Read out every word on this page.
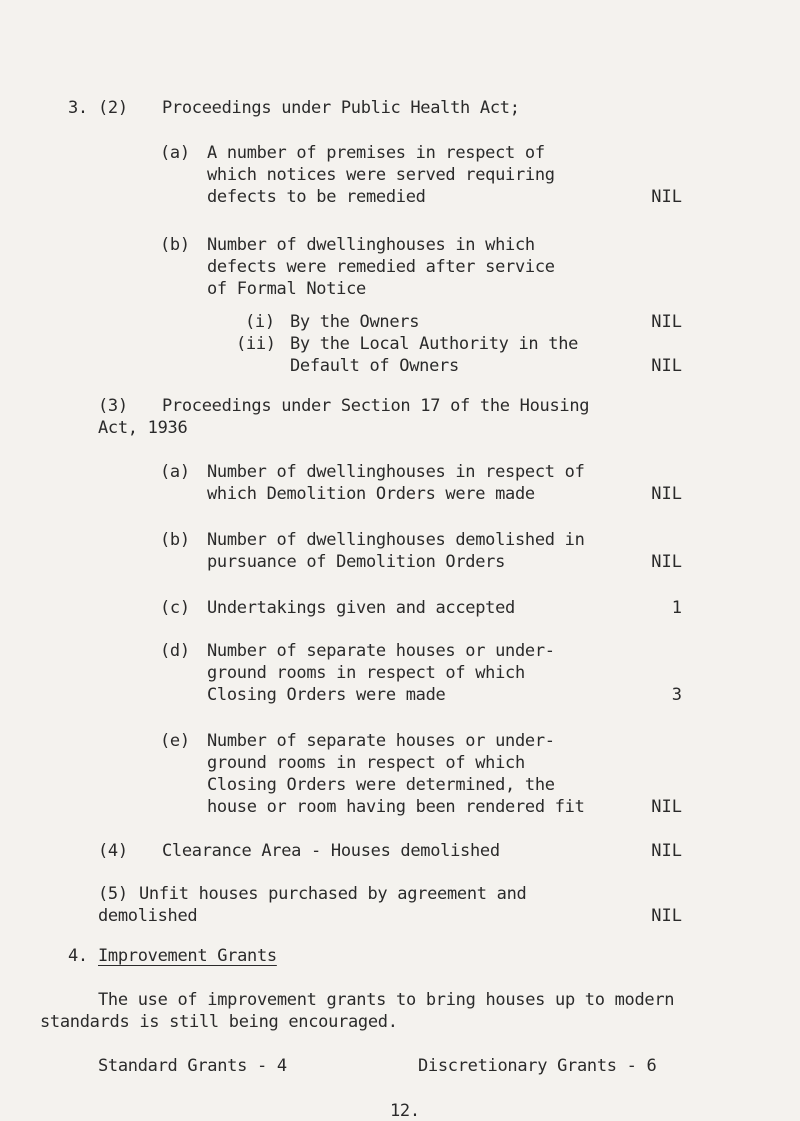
3. (2) Proceedings under Public Health Act;
(a) A number of premises in respect of
which notices were served requiring
defects to be remedied	NIL
(b) Number of dwellinghouses in which
defects were remedied after service
of Formal Notice
(i) By the Owners	NIL
(ii) By the Local Authority in the
Default of Owners	NIL
(3) Proceedings under Section 17 of the Housing
Act, 1936
(a) Number of dwellinghouses in respect of
which Demolition Orders were made	NIL
(b) Number of dwellinghouses demolished in
pursuance of Demolition Orders	NIL
(c) Undertakings given and accepted	1
(d) Number of separate houses or under-
ground rooms in respect of which
Closing Orders were made	3
(e) Number of separate houses or under-
ground rooms in respect of which
Closing Orders were determined, the
house or room having been rendered fit	NIL
(4) Clearance Area - Houses demolished	NIL
(5) Unfit houses purchased by agreement and
demolished	NIL
4. Improvement Grants
The use of improvement grants to bring houses up to modern
standards is still being encouraged.
Standard Grants - 4	Discretionary Grants - 6
12.
